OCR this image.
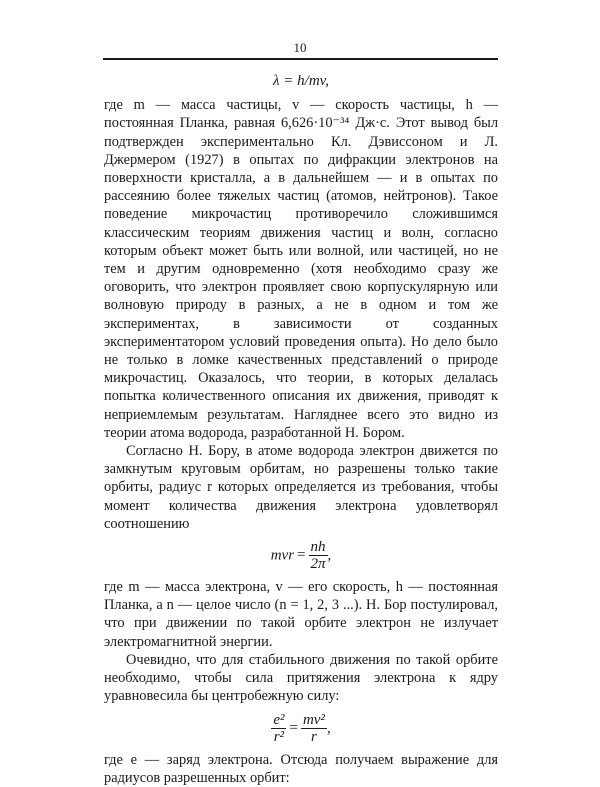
10
λ = h/mv,

где m — масса частицы, v — скорость частицы, h — постоянная Планка, равная 6,626·10⁻³⁴ Дж·с. Этот вывод был подтвержден экспериментально Кл. Дэвиссоном и Л. Джермером (1927) в опытах по дифракции электронов на поверхности кристалла, а в дальнейшем — и в опытах по рассеянию более тяжелых частиц (атомов, нейтронов). Такое поведение микрочастиц противоречило сложившимся классическим теориям движения частиц и волн, согласно которым объект может быть или волной, или частицей, но не тем и другим одновременно (хотя необходимо сразу же оговорить, что электрон проявляет свою корпускулярную или волновую природу в разных, а не в одном и том же экспериментах, в зависимости от созданных экспериментатором условий проведения опыта). Но дело было не только в ломке качественных представлений о природе микрочастиц. Оказалось, что теории, в которых делалась попытка количественного описания их движения, приводят к неприемлемым результатам. Нагляднее всего это видно из теории атома водорода, разработанной Н. Бором.

Согласно Н. Бору, в атоме водорода электрон движется по замкнутым круговым орбитам, но разрешены только такие орбиты, радиус r которых определяется из требования, чтобы момент количества движения электрона удовлетворял соотношению

mvr = $\frac{nh}{2\pi}$ ,

где m — масса электрона, v — его скорость, h — постоянная Планка, а n — целое число (n = 1, 2, 3 ...). Н. Бор постулировал, что при движении по такой орбите электрон не излучает электромагнитной энергии.

Очевидно, что для стабильного движения по такой орбите необходимо, чтобы сила притяжения электрона к ядру уравновесила бы центробежную силу:

$\frac{\text{e²}}{\text{r²}} = \frac{\text{mv²}}{r}$ ,

где e — заряд электрона. Отсюда получаем выражение для радиусов разрешенных орбит:
